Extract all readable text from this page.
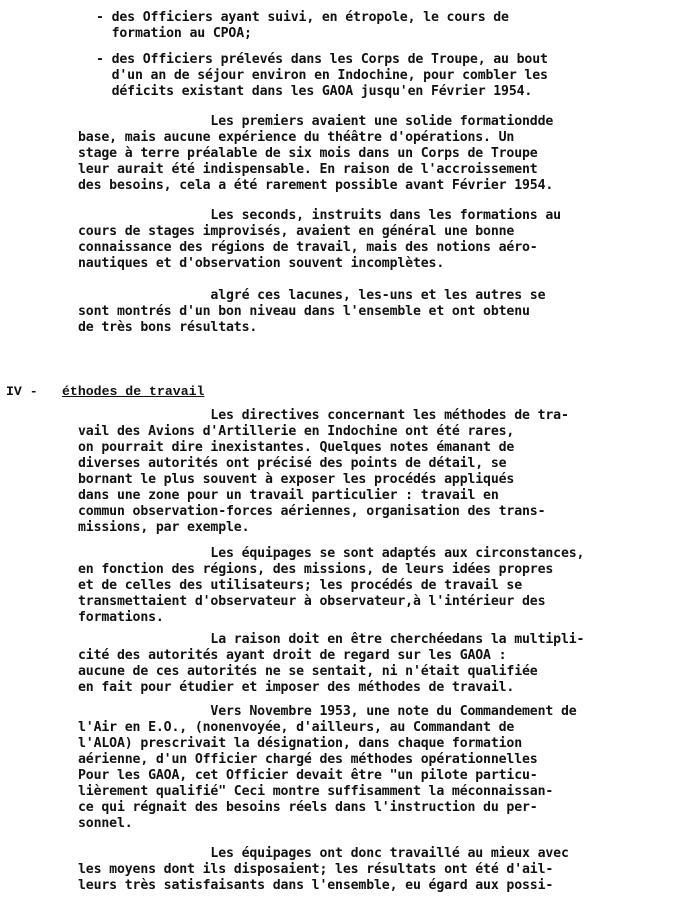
- des Officiers ayant suivi, en étropole, le cours de
formation au CPOA;
- des Officiers prélevés dans les Corps de Troupe, au bout
d'un an de séjour environ en Indochine, pour combler les
déficits existant dans les GAOA jusqu'en Février 1954.
Les premiers avaient une solide formationdde
base, mais aucune expérience du théâtre d'opérations. Un
stage à terre préalable de six mois dans un Corps de Troupe
leur aurait été indispensable. En raison de l'accroissement
des besoins, cela a été rarement possible avant Février 1954.
Les seconds, instruits dans les formations au
cours de stages improvisés, avaient en général une bonne
connaissance des régions de travail, mais des notions aéro-
nautiques et d'observation souvent incomplètes.
algré ces lacunes, les-uns et les autres se
sont montrés d'un bon niveau dans l'ensemble et ont obtenu
de très bons résultats.

IV -

éthodes de travail

Les directives concernant les méthodes de tra-
vail des Avions d'Artillerie en Indochine ont été rares,
on pourrait dire inexistantes. Quelques notes émanant de
diverses autorités ont précisé des points de détail, se
bornant le plus souvent à exposer les procédés appliqués
dans une zone pour un travail particulier : travail en
commun observation-forces aériennes, organisation des trans-
missions, par exemple.
Les équipages se sont adaptés aux circonstances,
en fonction des régions, des missions, de leurs idées propres
et de celles des utilisateurs; les procédés de travail se
transmettaient d'observateur à observateur,à l'intérieur des
formations.
La raison doit en être cherchéedans la multipli-
cité des autorités ayant droit de regard sur les GAOA :
aucune de ces autorités ne se sentait, ni n'était qualifiée
en fait pour étudier et imposer des méthodes de travail.
Vers Novembre 1953, une note du Commandement de
l'Air en E.O., (nonenvoyée, d'ailleurs, au Commandant de
l'ALOA) prescrivait la désignation, dans chaque formation
aérienne, d'un Officier chargé des méthodes opérationnelles
Pour les GAOA, cet Officier devait être "un pilote particu-
lièrement qualifié" Ceci montre suffisamment la méconnaissan-
ce qui régnait des besoins réels dans l'instruction du per-
sonnel.
Les équipages ont donc travaillé au mieux avec
les moyens dont ils disposaient; les résultats ont été d'ail-
leurs très satisfaisants dans l'ensemble, eu égard aux possi-
